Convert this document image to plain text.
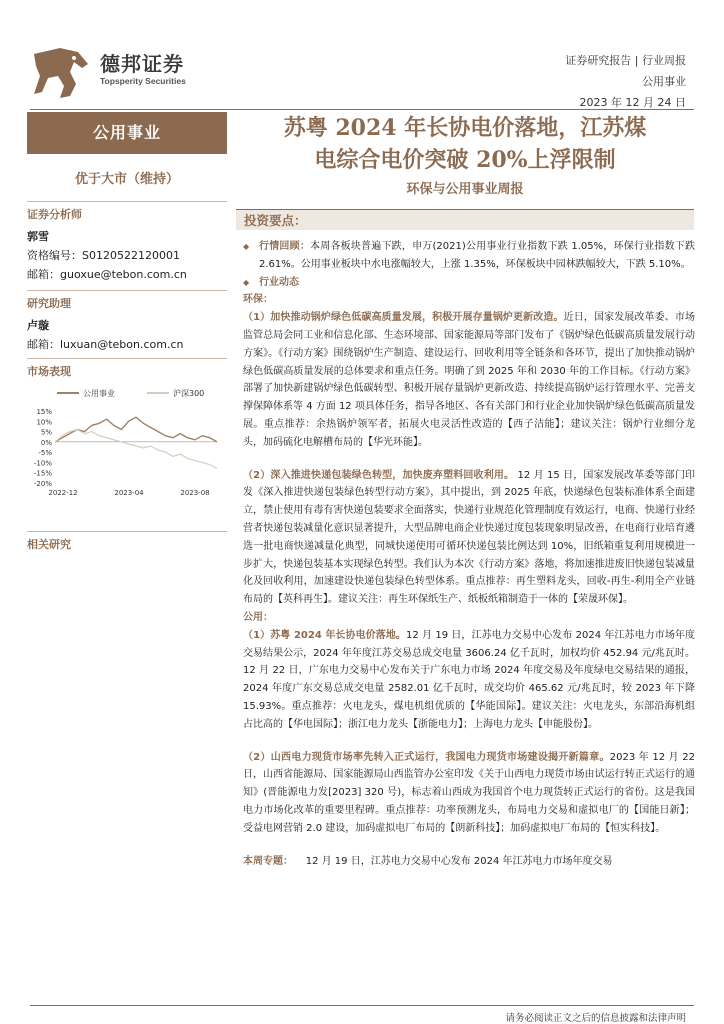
德邦证券
Topsperity Securities
证券研究报告 | 行业周报
公用事业
2023 年 12 月 24 日
公用事业
优于大市（维持）
证券分析师
郭雪
资格编号：S0120522120001
邮箱：guoxue@tebon.com.cn
研究助理
卢璇
邮箱：luxuan@tebon.com.cn
市场表现
公用事业	沪深300
15%
10%
5%
0%
-5%
-10%
-15%
-20%
2022-12	2023-04	2023-08
相关研究
苏粤 2024 年长协电价落地，江苏煤
电综合电价突破 20%上浮限制
环保与公用事业周报
投资要点：

◆ 行情回顾：本周各板块普遍下跌，申万(2021)公用事业行业指数下跌 1.05%，环保行业指数下跌 2.61%。公用事业板块中水电涨幅较大，上涨 1.35%，环保板块中园林跌幅较大，下跌 5.10%。

◆ 行业动态

环保：

（1）加快推动锅炉绿色低碳高质量发展，积极开展存量锅炉更新改造。近日，国家发展改革委、市场监管总局会同工业和信息化部、生态环境部、国家能源局等部门发布了《锅炉绿色低碳高质量发展行动方案》。《行动方案》围绕锅炉生产制造、建设运行、回收利用等全链条和各环节，提出了加快推动锅炉绿色低碳高质量发展的总体要求和重点任务。明确了到 2025 年和 2030 年的工作目标。《行动方案》部署了加快新建锅炉绿色低碳转型、积极开展存量锅炉更新改造、持续提高锅炉运行管理水平、完善支撑保障体系等 4 方面 12 项具体任务，指导各地区、各有关部门和行业企业加快锅炉绿色低碳高质量发展。重点推荐：余热锅炉领军者，拓展火电灵活性改造的【西子洁能】；建议关注：锅炉行业细分龙头，加码硫化电解槽布局的【华光环能】。

（2）深入推进快递包装绿色转型，加快废弃塑料回收利用。 12 月 15 日，国家发展改革委等部门印发《深入推进快递包装绿色转型行动方案》，其中提出，到 2025 年底，快递绿色包装标准体系全面建立，禁止使用有毒有害快递包装要求全面落实，快递行业规范化管理制度有效运行，电商、快递行业经营者快递包装减量化意识显著提升，大型品牌电商企业快递过度包装现象明显改善，在电商行业培育遴选一批电商快递减量化典型，同城快递使用可循环快递包装比例达到 10%，旧纸箱重复利用规模进一步扩大，快递包装基本实现绿色转型。我们认为本次《行动方案》落地，将加速推进废旧快递包装减量化及回收利用，加速建设快递包装绿色转型体系。重点推荐：再生塑料龙头，回收-再生-利用全产业链布局的【英科再生】。建议关注：再生环保纸生产、纸板纸箱制造于一体的【荣晟环保】。

公用：

（1）苏粤 2024 年长协电价落地。12 月 19 日，江苏电力交易中心发布 2024 年江苏电力市场年度交易结果公示，2024 年年度江苏交易总成交电量 3606.24 亿千瓦时，加权均价 452.94 元/兆瓦时。12 月 22 日，广东电力交易中心发布关于广东电力市场 2024 年度交易及年度绿电交易结果的通报，2024 年度广东交易总成交电量 2582.01 亿千瓦时，成交均价 465.62 元/兆瓦时，较 2023 年下降 15.93%。重点推荐：火电龙头，煤电机组优质的【华能国际】。建议关注：火电龙头，东部沿海机组占比高的【华电国际】；浙江电力龙头【浙能电力】；上海电力龙头【申能股份】。

（2）山西电力现货市场率先转入正式运行，我国电力现货市场建设揭开新篇章。2023 年 12 月 22 日，山西省能源局、国家能源局山西监管办公室印发《关于山西电力现货市场由试运行转正式运行的通知》(晋能源电力发[2023] 320 号)，标志着山西成为我国首个电力现货转正式运行的省份。这是我国电力市场化改革的重要里程碑。重点推荐：功率预测龙头，布局电力交易和虚拟电厂的【国能日新】；受益电网营销 2.0 建设，加码虚拟电厂布局的【朗新科技】；加码虚拟电厂布局的【恒实科技】。

本周专题： 12 月 19 日，江苏电力交易中心发布 2024 年江苏电力市场年度交易

请务必阅读正文之后的信息披露和法律声明
